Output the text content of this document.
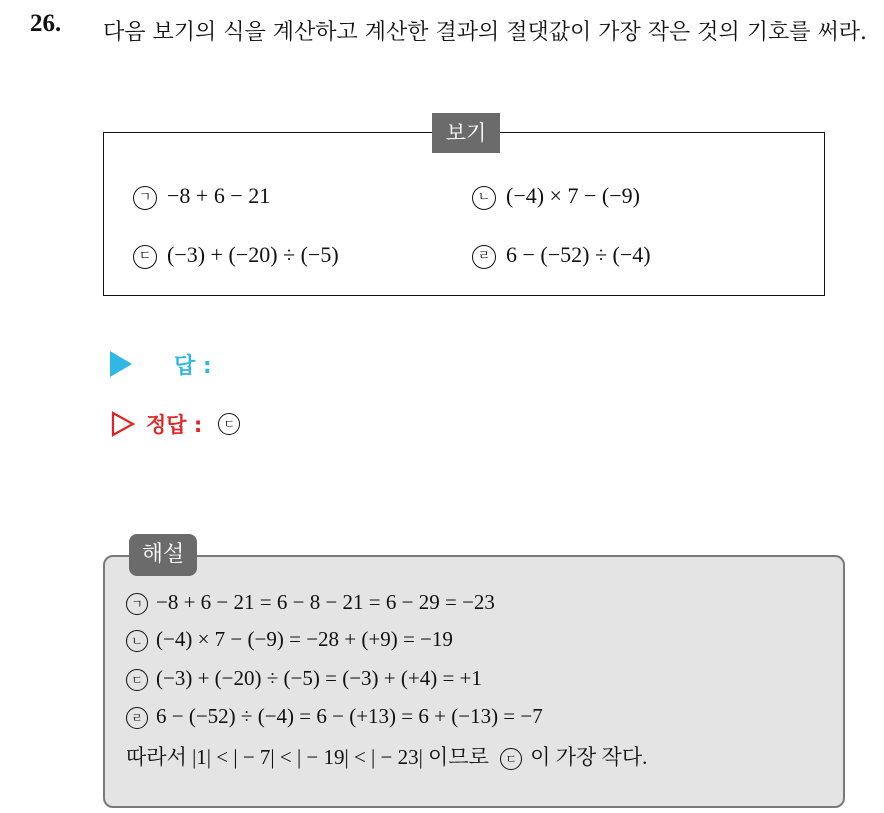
26. 다음 보기의 식을 계산하고 계산한 결과의 절댓값이 가장 작은 것의 기호를 써라.
보기
ㄱ −8 + 6 − 21	ㄴ (−4) × 7 − (−9)
ㄷ (−3) + (−20) ÷ (−5)	ㄹ 6 − (−52) ÷ (−4)
답 :
정답 :	ㄷ
해설
ㄱ −8 + 6 − 21 = 6 − 8 − 21 = 6 − 29 = −23
ㄴ (−4) × 7 − (−9) = −28 + (+9) = −19
ㄷ (−3) + (−20) ÷ (−5) = (−3) + (+4) = +1
ㄹ 6 − (−52) ÷ (−4) = 6 − (+13) = 6 + (−13) = −7
따라서 |1| < | − 7| < | − 19| < | − 23| 이므로 ㄷ 이 가장 작다.
